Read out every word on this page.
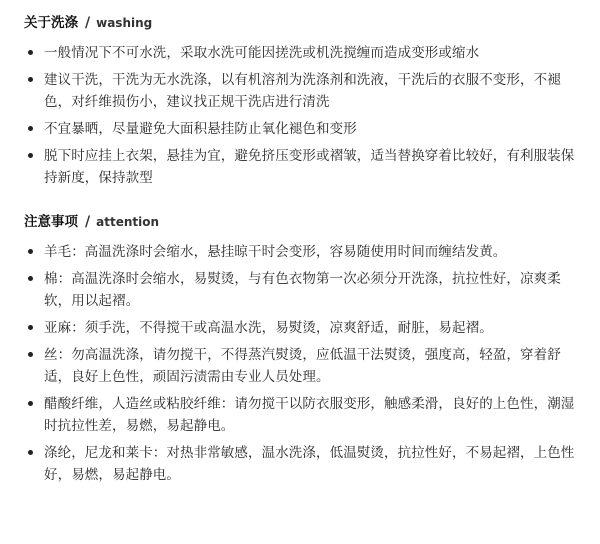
关于洗涤 / washing
一般情况下不可水洗，采取水洗可能因搓洗或机洗搅缠而造成变形或缩水
建议干洗，干洗为无水洗涤，以有机溶剂为洗涤剂和洗液，干洗后的衣服不变形，不褪色，对纤维损伤小，建议找正规干洗店进行清洗
不宜暴晒，尽量避免大面积悬挂防止氧化褪色和变形
脱下时应挂上衣架，悬挂为宜，避免挤压变形或褶皱，适当替换穿着比较好，有利服装保持新度，保持款型
注意事项 / attention
羊毛：高温洗涤时会缩水，悬挂晾干时会变形，容易随使用时间而缠结发黄。
棉：高温洗涤时会缩水，易熨烫，与有色衣物第一次必须分开洗涤，抗拉性好，凉爽柔软，用以起褶。
亚麻：须手洗，不得搅干或高温水洗，易熨烫，凉爽舒适，耐脏，易起褶。
丝：勿高温洗涤，请勿搅干，不得蒸汽熨烫，应低温干法熨烫，强度高，轻盈，穿着舒适，良好上色性，顽固污渍需由专业人员处理。
醋酸纤维，人造丝或粘胶纤维：请勿搅干以防衣服变形，触感柔滑，良好的上色性，潮湿时抗拉性差，易燃，易起静电。
涤纶，尼龙和莱卡：对热非常敏感，温水洗涤，低温熨烫，抗拉性好，不易起褶，上色性好，易燃，易起静电。
